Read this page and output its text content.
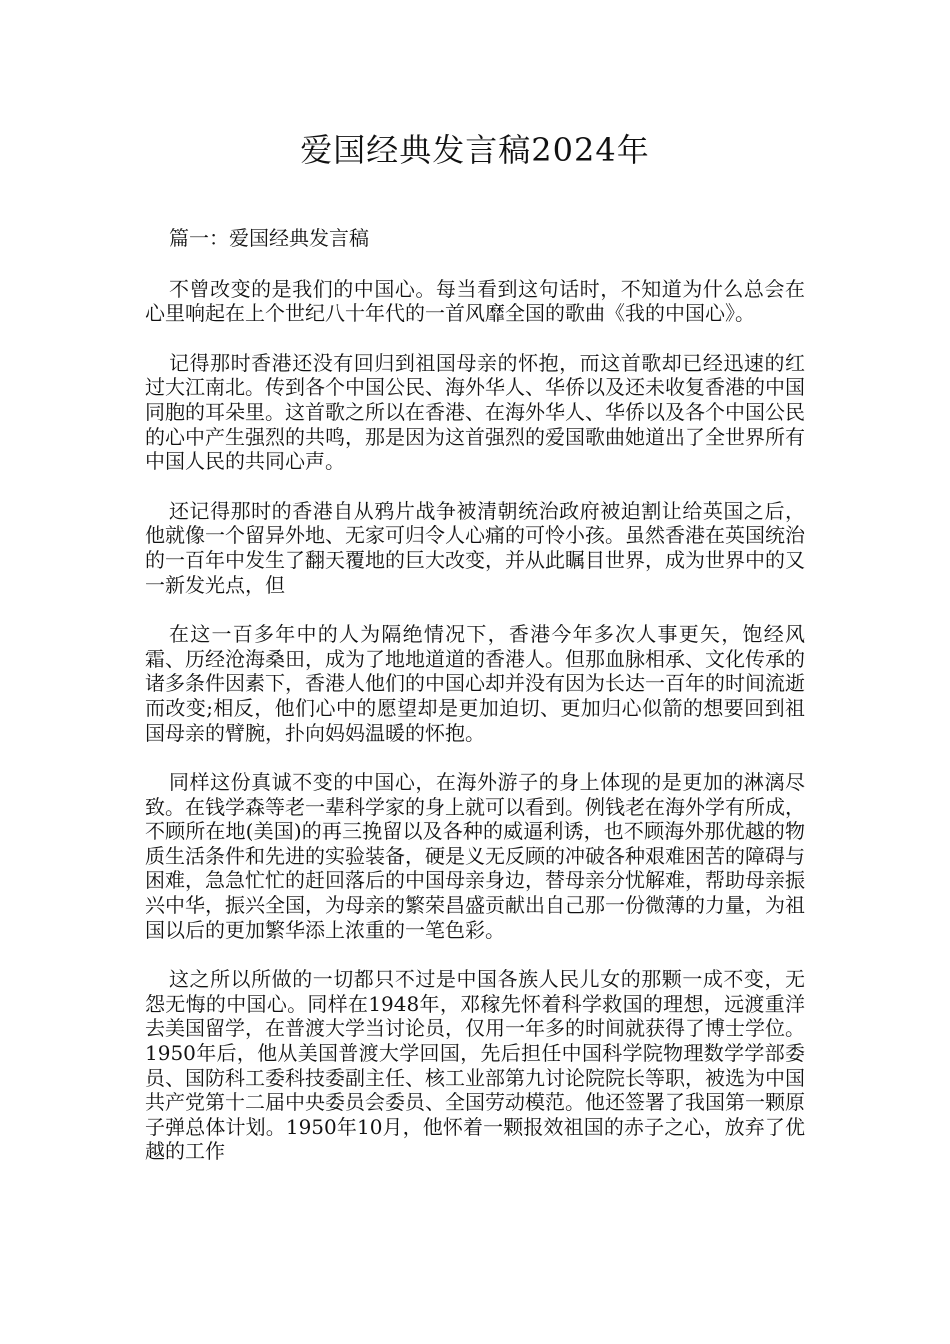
爱国经典发言稿2024年

篇一：爱国经典发言稿

不曾改变的是我们的中国心。每当看到这句话时，不知道为什么总会在心里响起在上个世纪八十年代的一首风靡全国的歌曲《我的中国心》。

记得那时香港还没有回归到祖国母亲的怀抱，而这首歌却已经迅速的红过大江南北。传到各个中国公民、海外华人、华侨以及还未收复香港的中国同胞的耳朵里。这首歌之所以在香港、在海外华人、华侨以及各个中国公民的心中产生强烈的共鸣，那是因为这首强烈的爱国歌曲她道出了全世界所有中国人民的共同心声。

还记得那时的香港自从鸦片战争被清朝统治政府被迫割让给英国之后，他就像一个留异外地、无家可归令人心痛的可怜小孩。虽然香港在英国统治的一百年中发生了翻天覆地的巨大改变，并从此瞩目世界，成为世界中的又一新发光点，但

在这一百多年中的人为隔绝情况下，香港今年多次人事更矢，饱经风霜、历经沧海桑田，成为了地地道道的香港人。但那血脉相承、文化传承的诸多条件因素下，香港人他们的中国心却并没有因为长达一百年的时间流逝而改变;相反，他们心中的愿望却是更加迫切、更加归心似箭的想要回到祖国母亲的臂腕，扑向妈妈温暖的怀抱。

同样这份真诚不变的中国心，在海外游子的身上体现的是更加的淋漓尽致。在钱学森等老一辈科学家的身上就可以看到。例钱老在海外学有所成，不顾所在地(美国)的再三挽留以及各种的威逼利诱，也不顾海外那优越的物质生活条件和先进的实验装备，硬是义无反顾的冲破各种艰难困苦的障碍与困难，急急忙忙的赶回落后的中国母亲身边，替母亲分忧解难，帮助母亲振兴中华，振兴全国，为母亲的繁荣昌盛贡献出自己那一份微薄的力量，为祖国以后的更加繁华添上浓重的一笔色彩。

这之所以所做的一切都只不过是中国各族人民儿女的那颗一成不变，无怨无悔的中国心。同样在1948年，邓稼先怀着科学救国的理想，远渡重洋去美国留学，在普渡大学当讨论员，仅用一年多的时间就获得了博士学位。1950年后，他从美国普渡大学回国，先后担任中国科学院物理数学学部委员、国防科工委科技委副主任、核工业部第九讨论院院长等职，被选为中国共产党第十二届中央委员会委员、全国劳动模范。他还签署了我国第一颗原子弹总体计划。1950年10月，他怀着一颗报效祖国的赤子之心，放弃了优越的工作
